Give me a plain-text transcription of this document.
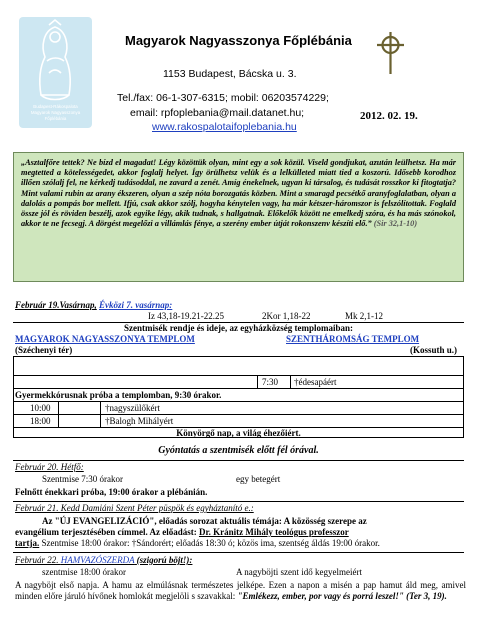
Budapest-Rákospalota
Magyarok Nagyasszonya
Főplébánia
Magyarok Nagyasszonya Főplébánia
1153 Budapest, Bácska u. 3.
Tel./fax: 06-1-307-6315; mobil: 06203574229;
email: rpfoplebania@mail.datanet.hu;
www.rakospalotaifoplebania.hu
2012. 02. 19.
„Asztalfőre tettek? Ne bízd el magadat! Légy közöttük olyan, mint egy a sok közül. Viseld gondjukat, azután leülhetsz. Ha már megtetted a kötelességedet, akkor foglalj helyet. Így örülhetsz velük és a lelkülleted miatt tied a koszorú. Idősebb korodhoz illően szólalj fel, ne kérkedj tudásoddal, ne zavard a zenét. Amíg énekelnek, ugyan ki társalog, és tudását rosszkor ki fitogtatja? Mint valami rubin az arany ékszeren, olyan a szép nóta borozgatás közben. Mint a smaragd pecsétkő aranyfoglalatban, olyan a dalolás a pompás bor mellett. Ifjú, csak akkor szólj, hogyha kénytelen vagy, ha már kétszer-háromszor is felszólítottak. Foglald össze jól és röviden beszélj, azok egyike légy, akik tudnak, s hallgatnak. Előkelők között ne emelkedj szóra, és ha más szónokol, akkor te ne fecsegj. A dörgést megelőzi a villámlás fénye, a szerény ember útját rokonszenv készíti elő.” (Sir 32,1-10)
Február 19.Vasárnap, Évközi 7. vasárnap:
Iz 43,18-19.21-22.25	2Kor 1,18-22	Mk 2,1-12
Szentmisék rendje és ideje, az egyházközség templomaiban:
MAGYAROK NAGYASSZONYA TEMPLOM	SZENTHÁROMSÁG TEMPLOM
(Széchenyi tér)	(Kossuth u.)
7:30 †édesapáért
Gyermekkórusnak próba a templomban, 9:30 órakor.
10:00	†nagyszülőkért
18:00	†Balogh Mihályért
Könyörgő nap, a világ éhezőiért.
Gyóntatás a szentmisék előtt fél órával.
Február 20. Hétfő:
Szentmise 7:30 órakor	egy betegért
Felnőtt énekkari próba, 19:00 órakor a plébánián.
Február 21. Kedd Damiáni Szent Péter püspök és egyháztanító e.:
Az "ÚJ EVANGELIZÁCIÓ", előadás sorozat aktuális témája: A közösség szerepe az
evangélium terjesztésében címmel. Az előadást: Dr. Kránitz Mihály teológus professzor
tartja. Szentmise 18:00 órakor: †Sándorért; előadás 18:30 ó; közös ima, szentség áldás 19:00 órakor.
Február 22. HAMVAZÓSZERDA (szigorú böjt!):
szentmise 18:00 órakor	A nagyböjti szent idő kegyelmeiért
A nagyböjt első napja. A hamu az elmúlásnak természetes jelképe. Ezen a napon a misén a pap hamut áld meg, amivel minden előre járuló hívőnek homlokát megjelöli s szavakkal: "Emlékezz, ember, por vagy és porrá leszel!" (Ter 3, 19).
